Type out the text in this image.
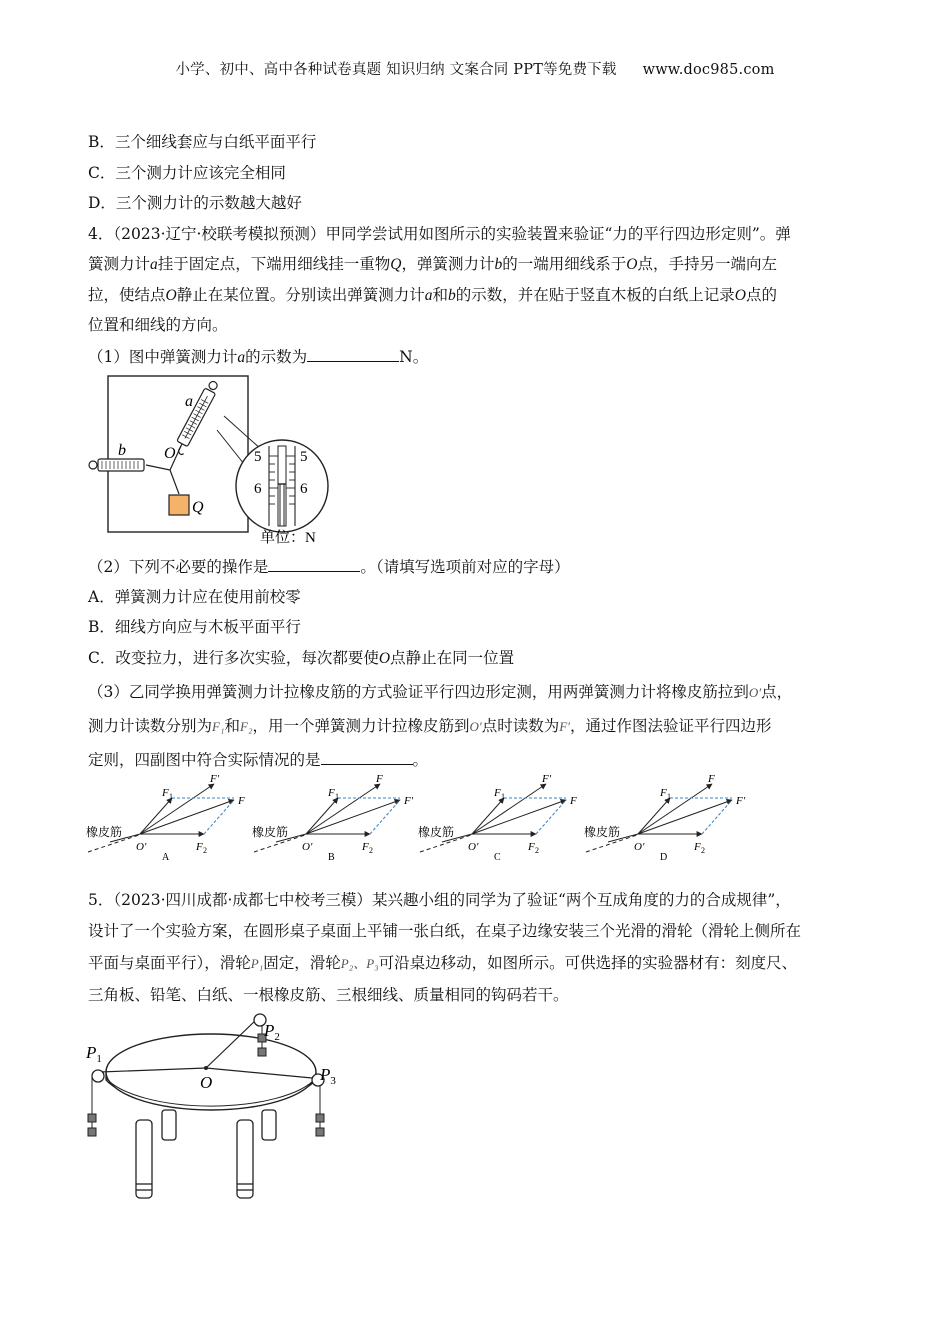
小学、初中、高中各种试卷真题 知识归纳 文案合同 PPT等免费下载 www.doc985.com
B．三个细线套应与白纸平面平行
C．三个测力计应该完全相同
D．三个测力计的示数越大越好
4．（2023·辽宁·校联考模拟预测）甲同学尝试用如图所示的实验装置来验证“力的平行四边形定则”。弹
簧测力计a挂于固定点，下端用细线挂一重物Q，弹簧测力计b的一端用细线系于O点，手持另一端向左
拉，使结点O静止在某位置。分别读出弹簧测力计a和b的示数，并在贴于竖直木板的白纸上记录O点的
位置和细线的方向。
（1）图中弹簧测力计a的示数为	N。
a
b O
Q
5	5
6	6
单位：N
（2）下列不必要的操作是	。（请填写选项前对应的字母）
A．弹簧测力计应在使用前校零
B．细线方向应与木板平面平行
C．改变拉力，进行多次实验，每次都要使O点静止在同一位置
（3）乙同学换用弹簧测力计拉橡皮筋的方式验证平行四边形定测，用两弹簧测力计将橡皮筋拉到O′点，
测力计读数分别为F₁和F₂，用一个弹簧测力计拉橡皮筋到O′点时读数为F′，通过作图法验证平行四边形
定则，四副图中符合实际情况的是	。
F 1
F′
F
F 2
O′
橡皮筋
A
F 1
F
F′
F 2
O′
橡皮筋
B
F 1
F′
F
F 2
O′
橡皮筋
C
F 1
F
F′
F 2
O′
橡皮筋
D
5．（2023·四川成都·成都七中校考三模）某兴趣小组的同学为了验证“两个互成角度的力的合成规律”，
设计了一个实验方案，在圆形桌子桌面上平铺一张白纸，在桌子边缘安装三个光滑的滑轮（滑轮上侧所在
平面与桌面平行），滑轮P₁固定，滑轮P₂、P₃可沿桌边移动，如图所示。可供选择的实验器材有：刻度尺、
三角板、铅笔、白纸、一根橡皮筋、三根细线、质量相同的钩码若干。
$P_1$
$P_2$
$P_3$
O
